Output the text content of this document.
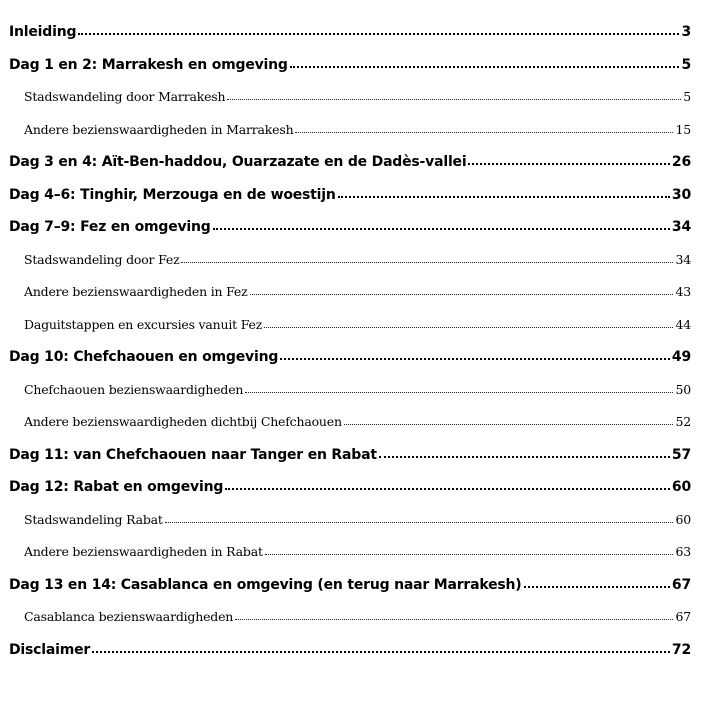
Inleiding	3
Dag 1 en 2: Marrakesh en omgeving	5
Stadswandeling door Marrakesh	5
Andere bezienswaardigheden in Marrakesh	15
Dag 3 en 4: Aït-Ben-haddou, Ouarzazate en de Dadès-vallei	26
Dag 4–6: Tinghir, Merzouga en de woestijn	30
Dag 7–9: Fez en omgeving	34
Stadswandeling door Fez	34
Andere bezienswaardigheden in Fez	43
Daguitstappen en excursies vanuit Fez	44
Dag 10: Chefchaouen en omgeving	49
Chefchaouen bezienswaardigheden	50
Andere bezienswaardigheden dichtbij Chefchaouen	52
Dag 11: van Chefchaouen naar Tanger en Rabat	57
Dag 12: Rabat en omgeving	60
Stadswandeling Rabat	60
Andere bezienswaardigheden in Rabat	63
Dag 13 en 14: Casablanca en omgeving (en terug naar Marrakesh)	67
Casablanca bezienswaardigheden	67
Disclaimer	72
